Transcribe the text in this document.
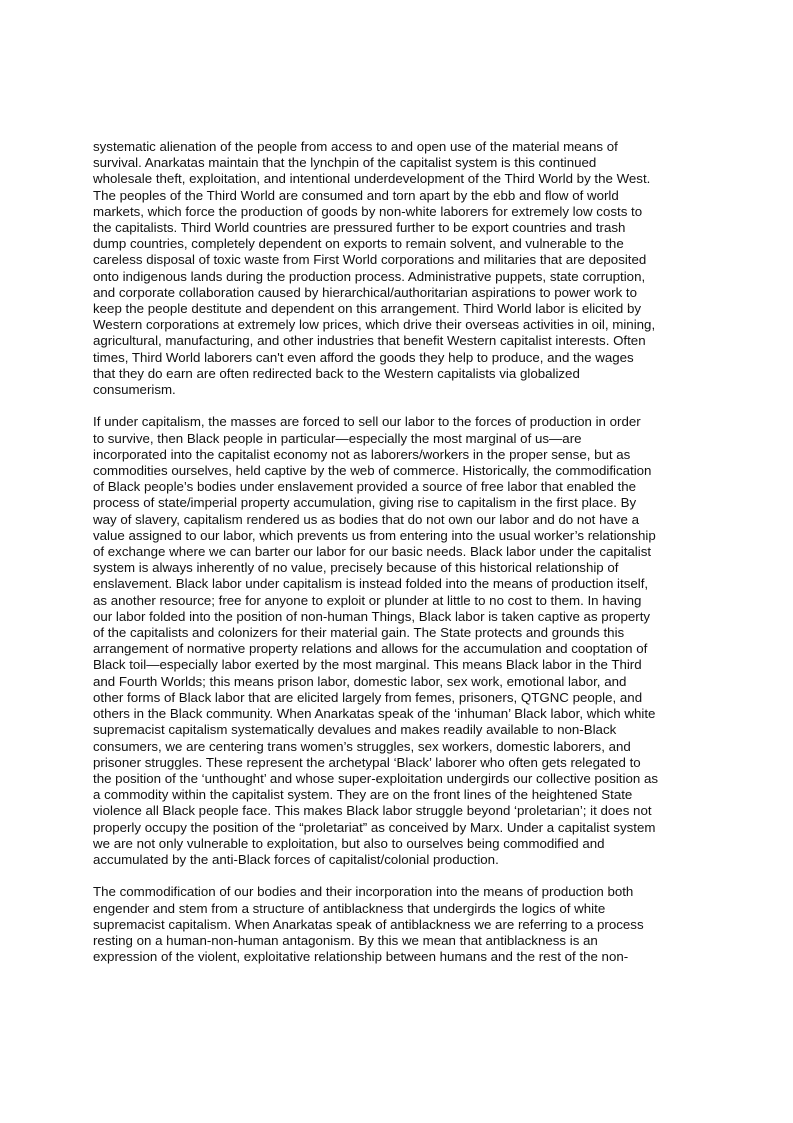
systematic alienation of the people from access to and open use of the material means of
survival. Anarkatas maintain that the lynchpin of the capitalist system is this continued
wholesale theft, exploitation, and intentional underdevelopment of the Third World by the West.
The peoples of the Third World are consumed and torn apart by the ebb and flow of world
markets, which force the production of goods by non-white laborers for extremely low costs to
the capitalists. Third World countries are pressured further to be export countries and trash
dump countries, completely dependent on exports to remain solvent, and vulnerable to the
careless disposal of toxic waste from First World corporations and militaries that are deposited
onto indigenous lands during the production process. Administrative puppets, state corruption,
and corporate collaboration caused by hierarchical/authoritarian aspirations to power work to
keep the people destitute and dependent on this arrangement. Third World labor is elicited by
Western corporations at extremely low prices, which drive their overseas activities in oil, mining,
agricultural, manufacturing, and other industries that benefit Western capitalist interests. Often
times, Third World laborers can't even afford the goods they help to produce, and the wages
that they do earn are often redirected back to the Western capitalists via globalized
consumerism.

If under capitalism, the masses are forced to sell our labor to the forces of production in order
to survive, then Black people in particular—especially the most marginal of us—are
incorporated into the capitalist economy not as laborers/workers in the proper sense, but as
commodities ourselves, held captive by the web of commerce. Historically, the commodification
of Black people’s bodies under enslavement provided a source of free labor that enabled the
process of state/imperial property accumulation, giving rise to capitalism in the first place. By
way of slavery, capitalism rendered us as bodies that do not own our labor and do not have a
value assigned to our labor, which prevents us from entering into the usual worker’s relationship
of exchange where we can barter our labor for our basic needs. Black labor under the capitalist
system is always inherently of no value, precisely because of this historical relationship of
enslavement. Black labor under capitalism is instead folded into the means of production itself,
as another resource; free for anyone to exploit or plunder at little to no cost to them. In having
our labor folded into the position of non-human Things, Black labor is taken captive as property
of the capitalists and colonizers for their material gain. The State protects and grounds this
arrangement of normative property relations and allows for the accumulation and cooptation of
Black toil—especially labor exerted by the most marginal. This means Black labor in the Third
and Fourth Worlds; this means prison labor, domestic labor, sex work, emotional labor, and
other forms of Black labor that are elicited largely from femes, prisoners, QTGNC people, and
others in the Black community. When Anarkatas speak of the ‘inhuman’ Black labor, which white
supremacist capitalism systematically devalues and makes readily available to non-Black
consumers, we are centering trans women’s struggles, sex workers, domestic laborers, and
prisoner struggles. These represent the archetypal ‘Black’ laborer who often gets relegated to
the position of the ‘unthought’ and whose super-exploitation undergirds our collective position as
a commodity within the capitalist system. They are on the front lines of the heightened State
violence all Black people face. This makes Black labor struggle beyond ‘proletarian’; it does not
properly occupy the position of the “proletariat” as conceived by Marx. Under a capitalist system
we are not only vulnerable to exploitation, but also to ourselves being commodified and
accumulated by the anti-Black forces of capitalist/colonial production.

The commodification of our bodies and their incorporation into the means of production both
engender and stem from a structure of antiblackness that undergirds the logics of white
supremacist capitalism. When Anarkatas speak of antiblackness we are referring to a process
resting on a human-non-human antagonism. By this we mean that antiblackness is an
expression of the violent, exploitative relationship between humans and the rest of the non-
